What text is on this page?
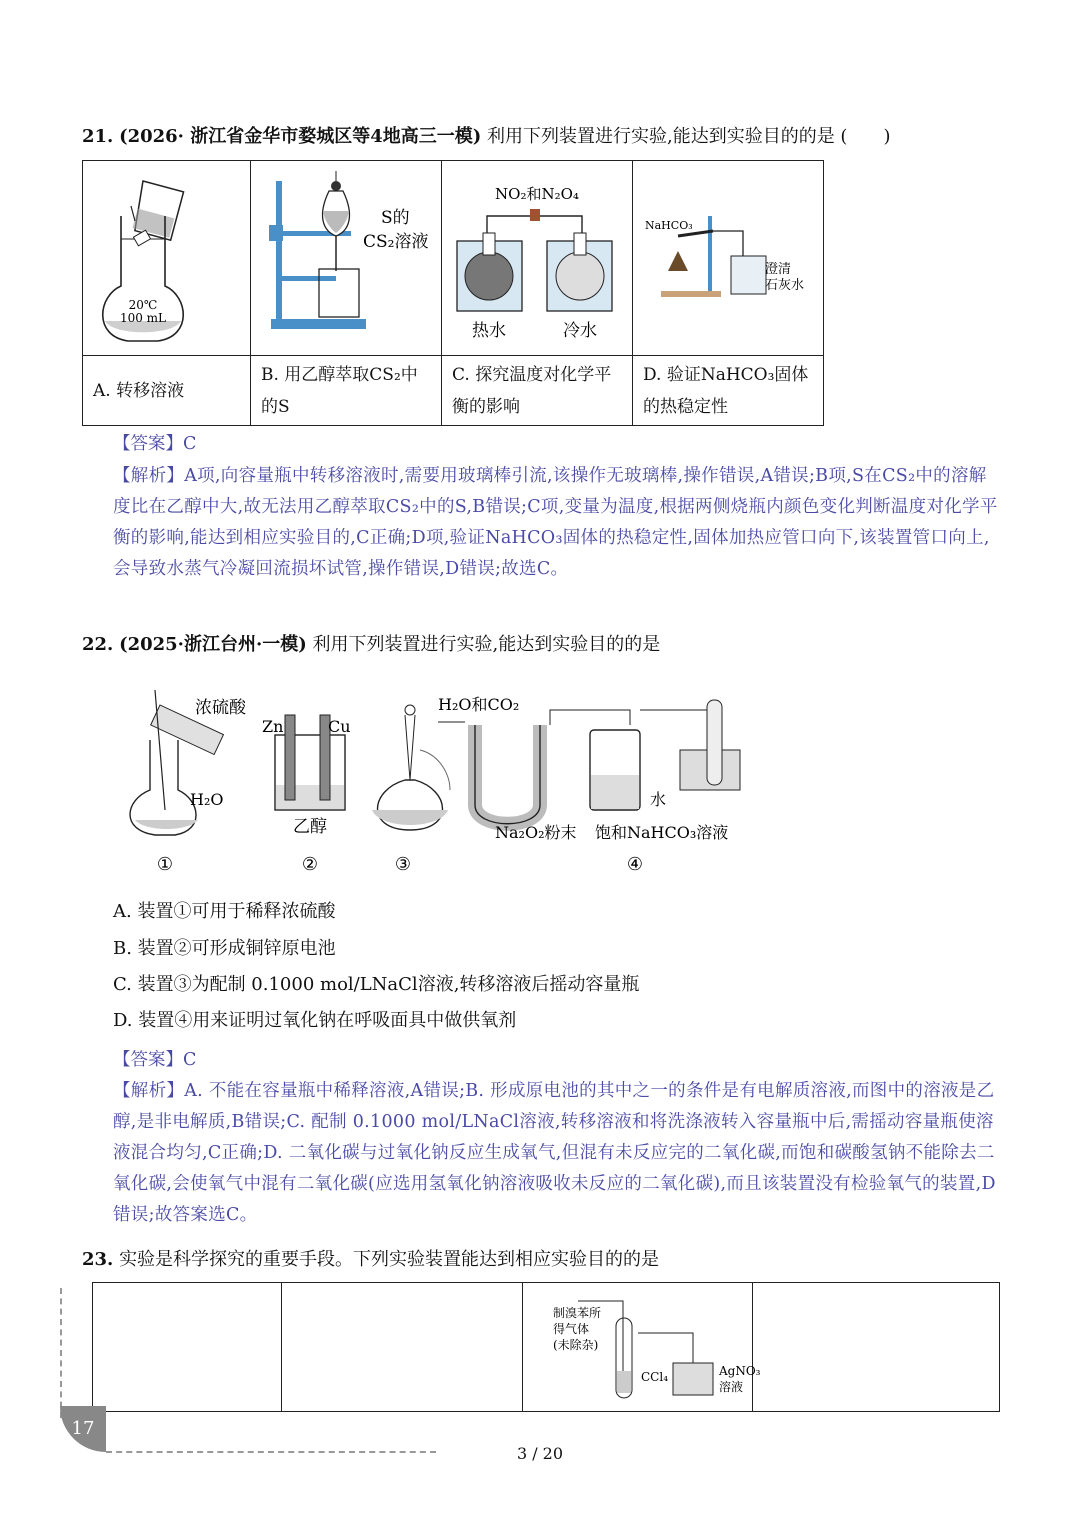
21. (2026· 浙江省金华市婺城区等4地高三一模) 利用下列装置进行实验,能达到实验目的的是 (　　)
20℃
100 mL	S的
CS₂溶液	NO₂和N₂O₄
热水 冷水	NaHCO₃
澄清
石灰水

A. 转移溶液	B. 用乙醇萃取CS₂中的S	C. 探究温度对化学平衡的影响	D. 验证NaHCO₃固体的热稳定性
【答案】C
【解析】A项,向容量瓶中转移溶液时,需要用玻璃棒引流,该操作无玻璃棒,操作错误,A错误;B项,S在CS₂中的溶解度比在乙醇中大,故无法用乙醇萃取CS₂中的S,B错误;C项,变量为温度,根据两侧烧瓶内颜色变化判断温度对化学平衡的影响,能达到相应实验目的,C正确;D项,验证NaHCO₃固体的热稳定性,固体加热应管口向下,该装置管口向上,会导致水蒸气冷凝回流损坏试管,操作错误,D错误;故选C。
22. (2025·浙江台州·一模) 利用下列装置进行实验,能达到实验目的的是
浓硫酸
H₂O
①
Zn	Cu
乙醇
②	③
H₂O和CO₂
Na₂O₂粉末 饱和NaHCO₃溶液
水
④
A. 装置①可用于稀释浓硫酸
B. 装置②可形成铜锌原电池
C. 装置③为配制 0.1000 mol/LNaCl溶液,转移溶液后摇动容量瓶
D. 装置④用来证明过氧化钠在呼吸面具中做供氧剂
【答案】C
【解析】A. 不能在容量瓶中稀释溶液,A错误;B. 形成原电池的其中之一的条件是有电解质溶液,而图中的溶液是乙醇,是非电解质,B错误;C. 配制 0.1000 mol/LNaCl溶液,转移溶液和将洗涤液转入容量瓶中后,需摇动容量瓶使溶液混合均匀,C正确;D. 二氧化碳与过氧化钠反应生成氧气,但混有未反应完的二氧化碳,而饱和碳酸氢钠不能除去二氧化碳,会使氧气中混有二氧化碳(应选用氢氧化钠溶液吸收未反应的二氧化碳),而且该装置没有检验氧气的装置,D错误;故答案选C。
23. 实验是科学探究的重要手段。下列实验装置能达到相应实验目的的是

制溴苯所
得气体
(未除杂)
CCl₄	AgNO₃
溶液

17
3 / 20
